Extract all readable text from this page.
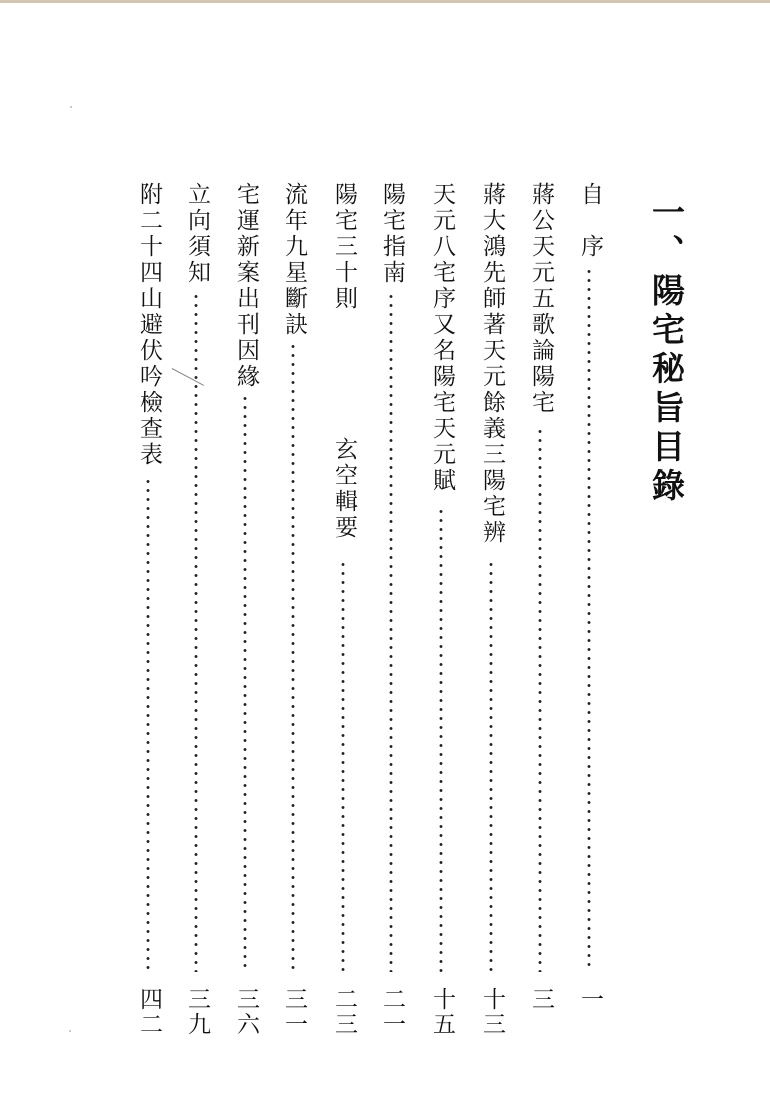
一、陽宅秘旨目錄
自　序
一
蔣公天元五歌論陽宅
三
蔣大鴻先師著天元餘義三陽宅辨
十三
天元八宅序又名陽宅天元賦
十五
陽宅指南
二一
陽宅三十則
玄空輯要
二三
流年九星斷訣
三一
宅運新案出刊因緣
三六
立向須知
三九
附二十四山避伏吟檢查表
四二
